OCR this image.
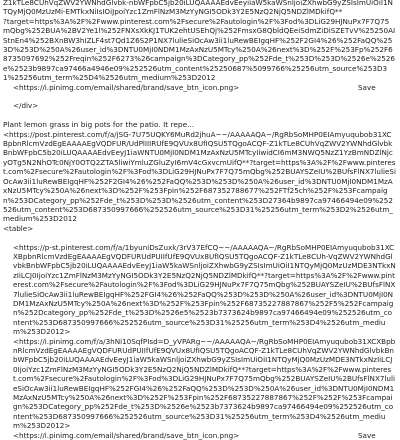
Z1kTLe8CUhVqZWV2YWNhdGlvbk-nbWFpbC5jb20iLUQAAAAEdvEeyiiaW5kaWSnljoiZXhwbG9yZSIsImUiOiI1NTQyMjQ0MzUzMi-EMTkxNiIsIOiJpoiYzc1ZmFlNzM3MzYyNGI5ODk3Y2E5NzQ2NjQ5NDZlMDkifQ**

?target=https%3A%2F%2Fwww.pinterest.com%2Fsecure%2Fautologin%2F%3Fod%3DLiG29HJNuPx7F7Q75mQbg%252BUA%2BV2Ye1l%252FNXsXkKJ1TUK2ehtUSEhQj%252FmsxG8QbldQEeiSdmZiDiSZETvV%25250AIStnEn4%252BXnBW3hIZLF4st7Qd1Z6S2P1NX7lulieSiOcAw3ii1luRewBEIgqHF%252F2GI4%26%252FaQQ%253D%253D%250A%26user_id%3DNTU0MjI0NDM1MzAxNzU5MTcy%250A%26next%3D%252F%253Fp%252F68735097692%252Freqin%252F6273%26campaign%3DCategory_pp%252Fde_t%253D%253D%2526e%2526e%2523b9897ca97466a4946e09%252526utm_content%25250687%5099766%25256utm_source%253D31%25256utm_term%25D4%2526utm_medium%253D2012

<https://i.pinimg.com/email/shared/brand/save_btn_icon.png>	Save

</div>

Plant lemon grass in big pots for the patio. It repe...

<https://post.pinterest.com/f/a/jSG-7U75UQKY6MuRd2jhuA~~/AAAAAQA~/RgRbSoMHP0EIAmyuqubob31XCBpbnRlcmVzdEgEAAAAEgVQDFUR/UdPlIIIRUfE9QVUx8UfIQSU5TQgoACQF-Z1kTLe8CUhVqZWV2YWNhdGlvbkBnbWFpbC5b20iLUQAAAAEdvEeyJ1iaWNTU0MjI0NDM1MzAxNzU5MTcyIiwidCI6mM3NWQ5NzZ1YzBmNDZlNjcyOTg5N2NhOTc0NjY0OTQ2ZTA5liwiYmluZGluZyI6mV4cGxvcmUifQ**?target=https%3A%2F%2Fwww.pinterest.com%2Fsecure%2Fautologin%2F%3Fod%3DLiG29HJNuPx7F7Q75mQbg%252BUAYSZeIU%2BUfsFlNX7lulieSiOcAw3ii1luRewBEIgqHF%252F2GI4%26%252FaQQ%253D%253D%250A%26user_id%3DNTU0MjI0NDM1MzAxNzU5MTcy%250A%26next%3D%252F%253Fpin%252F687352788677%252FTf25ch%252F%253Fcampaign%253DCategory_pp%252Fde_t%253D%253D%2526utm_content%253D27364b9897ca97466494e09%252526utm_content%253D687350997666%252526utm_source%253D31%25256utm_term%253D2%2526utm_medium%253D2012

<table>

<https://p-st.pinterest.com/f/a/1byuniDsZuxk/3rV37EfCQ~~/AAAAAQA~/RgRbSoMHP0EIAmyuqubob31XCXBpbnRlcmVzdEgEAAAAEgVQDFURUdPUIIfUfE9QVUx8UfIQSU5TQgoACQF-Z1kTLe8CUh-VqZWV2YWNhdGlvbkBnbWFpbC5jb20iLUQAAAAEdvEeyJ1iaW5kaWSnljoiZXhwbG9yZSIsImUiOiI1NTQyMjQ0MzUzMDE3NTkxNzIiLCJ0IjoiYzc1ZmFlNzM3MzYyNGI5ODk3Y2E5NzQ2NjQ5NDZlMDkifQ**?target=https%3A%2F%2Fwww.pinterest.com%2Fsecure%2Fautologin%2F%3Fod%3DLiG29HJNuPx7F7Q75mQbg%252BUAYSZeIU%2BUfsFlNX7lulieSiOcAw3ii1luRewBEIgqHF%252FGI4%26%252FaQQ%253D%253D%250A%26user_id%3DNTU0MjI0NDM1MzAxNzU5MTcy%250A%26next%3D%252F%253Fpin%252F68735227887867%252F5%252Fcampaign%252Dcategory_pp%252Fde_t%253D%2526e5%2523b7373624b9897ca97466494e09%252526utm_content%253D687350997666%252526utm_source%253D31%25256utm_term%253D4%2526utm_medium%253D2012>

<https://i.pinimg.com/f/a/3hNi10SqfPIsd=D_yVPARg~~/AAAAAQA~/RgRbSoMHP0EIAmyuqubob31XCXBpbnRlcmVzdEgEAAAAEgVQDFURUdPUIIfUfE9QVUx8UfIQSU5TQgoACQF-Z1kTLe8CUhVqZWV2YWNhdGlvbkBnbWFpbC5jb20iLUQAAAAEdvEeyJ1iaW5kaWSnljoiZXhwbG9yZSIsImUiOiI1NTQyMjQ0MzUzMDE3NTkxNzIiLCJ0IjoiYzc1ZmFlNzM3MzYyNGI5ODk3Y2E5NzQ2NjQ5NDZlMDkifQ**?target=https%3A%2F%2Fwww.pinterest.com%2Fsecure%2Fautologin%2F%3Fod%3DLiG29HJNuPx7F7Q75mQbg%252BUAYSZeIU%2BUfsFlNX7lulieSiOcAw3ii1luRewBEIgqHF%252FGI4%26%252FaQQ%253D%253D%250A%26user_id%3DNTU0MjI0NDM1MzAxNzU5MTcy%250A%26next%3D%252F%253Fpin%252F68735227887867%252F%252F%253Fcampaign%253DCategory_pp%252Fde_t%253D%2526e%2523b7373624b9897ca97466494e09%252526utm_content%253D687350997666%252526utm_source%253D31%25256utm_term%253D4%2526utm_medium%253D2012>

<https://i.pinimg.com/email/shared/brand/save_btn_icon.png>	Save
